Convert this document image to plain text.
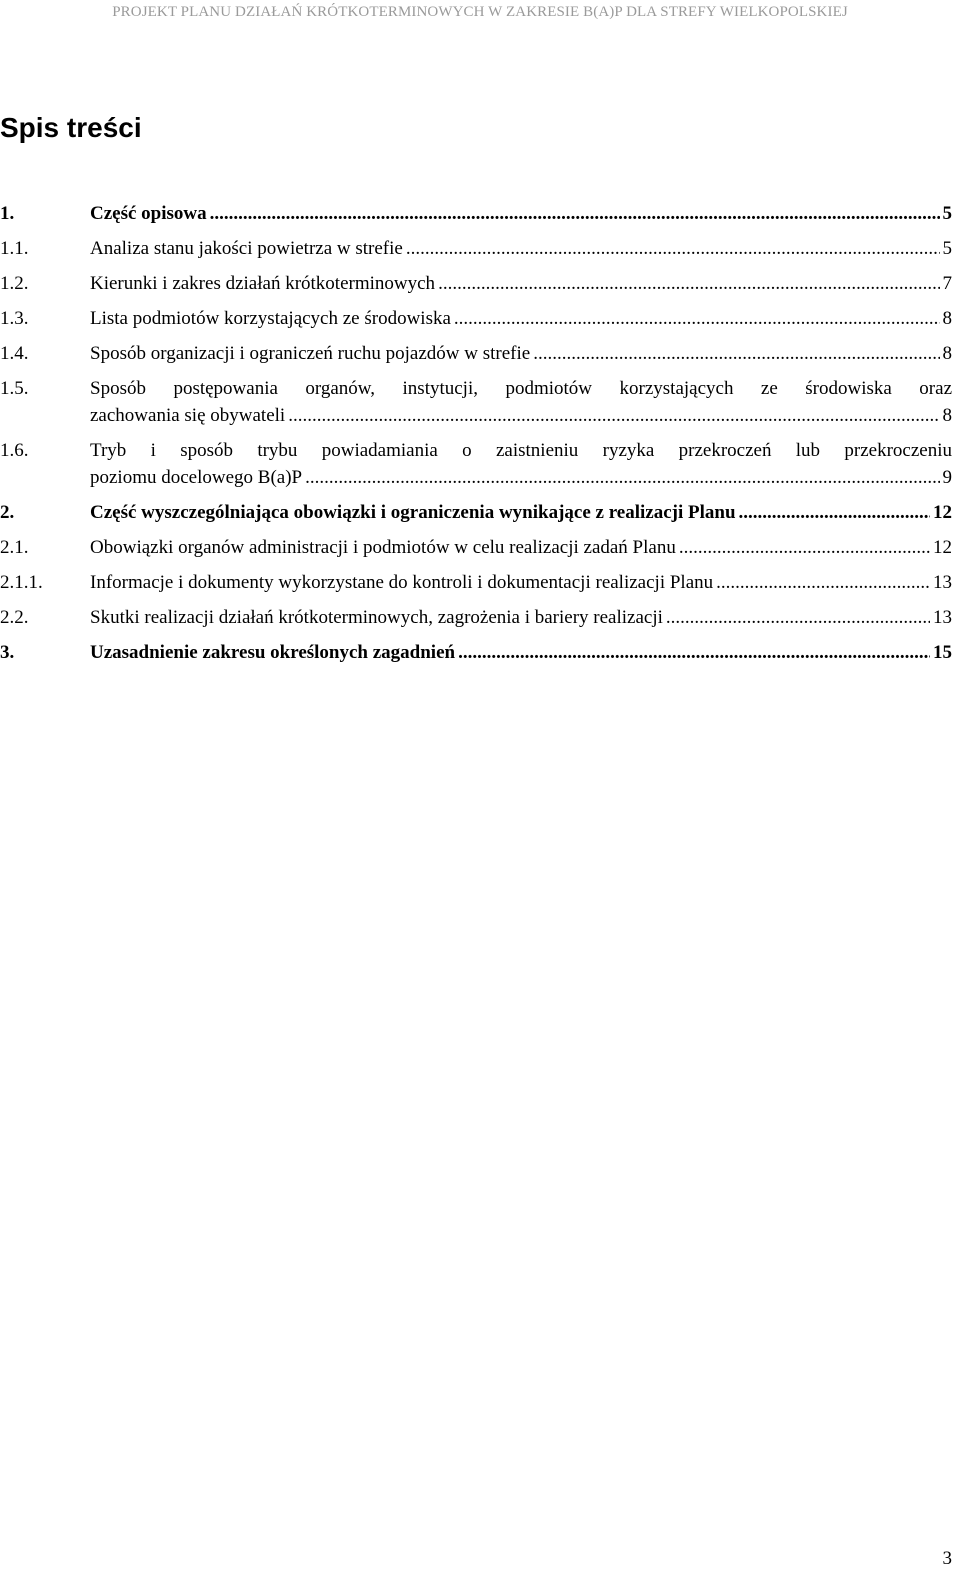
PROJEKT PLANU DZIAŁAŃ KRÓTKOTERMINOWYCH W ZAKRESIE B(A)P DLA STREFY WIELKOPOLSKIEJ
Spis treści
1.	Część opisowa .....	5
1.1.	Analiza stanu jakości powietrza w strefie .....	5
1.2.	Kierunki i zakres działań krótkoterminowych .....	7
1.3.	Lista podmiotów korzystających ze środowiska .....	8
1.4.	Sposób organizacji i ograniczeń ruchu pojazdów w strefie .....	8
1.5.	Sposób postępowania organów, instytucji, podmiotów korzystających ze środowiska oraz
zachowania się obywateli .....	8
1.6.	Tryb i sposób trybu powiadamiania o zaistnieniu ryzyka przekroczeń lub przekroczeniu
poziomu docelowego B(a)P .....	9
2.	Część wyszczególniająca obowiązki i ograniczenia wynikające z realizacji Planu .....	12
2.1.	Obowiązki organów administracji i podmiotów w celu realizacji zadań Planu .....	12
2.1.1.	Informacje i dokumenty wykorzystane do kontroli i dokumentacji realizacji Planu .....	13
2.2.	Skutki realizacji działań krótkoterminowych, zagrożenia i bariery realizacji .....	13
3.	Uzasadnienie zakresu określonych zagadnień .....	15
3
